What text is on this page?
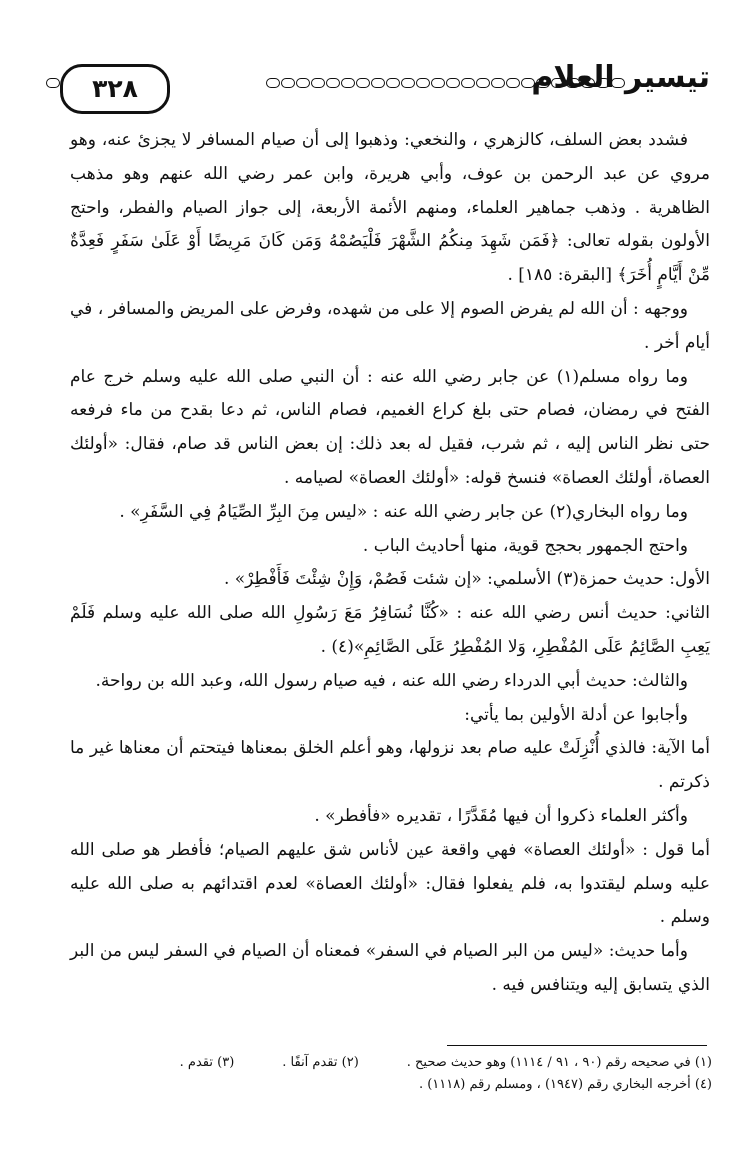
٣٢٨	تيسير العلام

فشدد بعض السلف، كالزهري ، والنخعي: وذهبوا إلى أن صيام المسافر لا يجزئ عنه، وهو مروي عن عبد الرحمن بن عوف، وأبي هريرة، وابن عمر رضي الله عنهم وهو مذهب الظاهرية . وذهب جماهير العلماء، ومنهم الأئمة الأربعة، إلى جواز الصيام والفطر، واحتج الأولون بقوله تعالى: ﴿فَمَن شَهِدَ مِنكُمُ الشَّهْرَ فَلْيَصُمْهُ وَمَن كَانَ مَرِيضًا أَوْ عَلَىٰ سَفَرٍ فَعِدَّةٌ مِّنْ أَيَّامٍ أُخَرَ﴾ [البقرة: ١٨٥] .

ووجهه : أن الله لم يفرض الصوم إلا على من شهده، وفرض على المريض والمسافر ، في أيام أخر .

وما رواه مسلم(١) عن جابر رضي الله عنه : أن النبي صلى الله عليه وسلم خرج عام الفتح في رمضان، فصام حتى بلغ كراع الغميم، فصام الناس، ثم دعا بقدح من ماء فرفعه حتى نظر الناس إليه ، ثم شرب، فقيل له بعد ذلك: إن بعض الناس قد صام، فقال: «أولئك العصاة، أولئك العصاة» فنسخ قوله: «أولئك العصاة» لصيامه .

وما رواه البخاري(٢) عن جابر رضي الله عنه : «ليس مِنَ البِرِّ الصِّيَامُ فِي السَّفَرِ» .

واحتج الجمهور بحجج قوية، منها أحاديث الباب .

الأول: حديث حمزة(٣) الأسلمي: «إن شئت فَصُمْ، وَإِنْ شِئْتَ فَأَفْطِرْ» .

الثاني: حديث أنس رضي الله عنه : «كُنَّا نُسَافِرُ مَعَ رَسُولِ الله صلى الله عليه وسلم فَلَمْ يَعِبِ الصَّائِمُ عَلَى المُفْطِرِ، وَلا المُفْطِرُ عَلَى الصَّائِمِ»(٤) .

والثالث: حديث أبي الدرداء رضي الله عنه ، فيه صيام رسول الله، وعبد الله بن رواحة.

وأجابوا عن أدلة الأولين بما يأتي:

أما الآية: فالذي أُنْزِلَتْ عليه صام بعد نزولها، وهو أعلم الخلق بمعناها فيتحتم أن معناها غير ما ذكرتم .

وأكثر العلماء ذكروا أن فيها مُقَدَّرًا ، تقديره «فأفطر» .

أما قول : «أولئك العصاة» فهي واقعة عين لأناس شق عليهم الصيام؛ فأفطر هو صلى الله عليه وسلم ليقتدوا به، فلم يفعلوا فقال: «أولئك العصاة» لعدم اقتدائهم به صلى الله عليه وسلم .

وأما حديث: «ليس من البر الصيام في السفر» فمعناه أن الصيام في السفر ليس من البر الذي يتسابق إليه ويتنافس فيه .

(١) في صحيحه رقم (٩٠ ، ٩١ / ١١١٤) وهو حديث صحيح .
(٢) تقدم آنفًا .
(٣) تقدم .
(٤) أخرجه البخاري رقم (١٩٤٧) ، ومسلم رقم (١١١٨) .
